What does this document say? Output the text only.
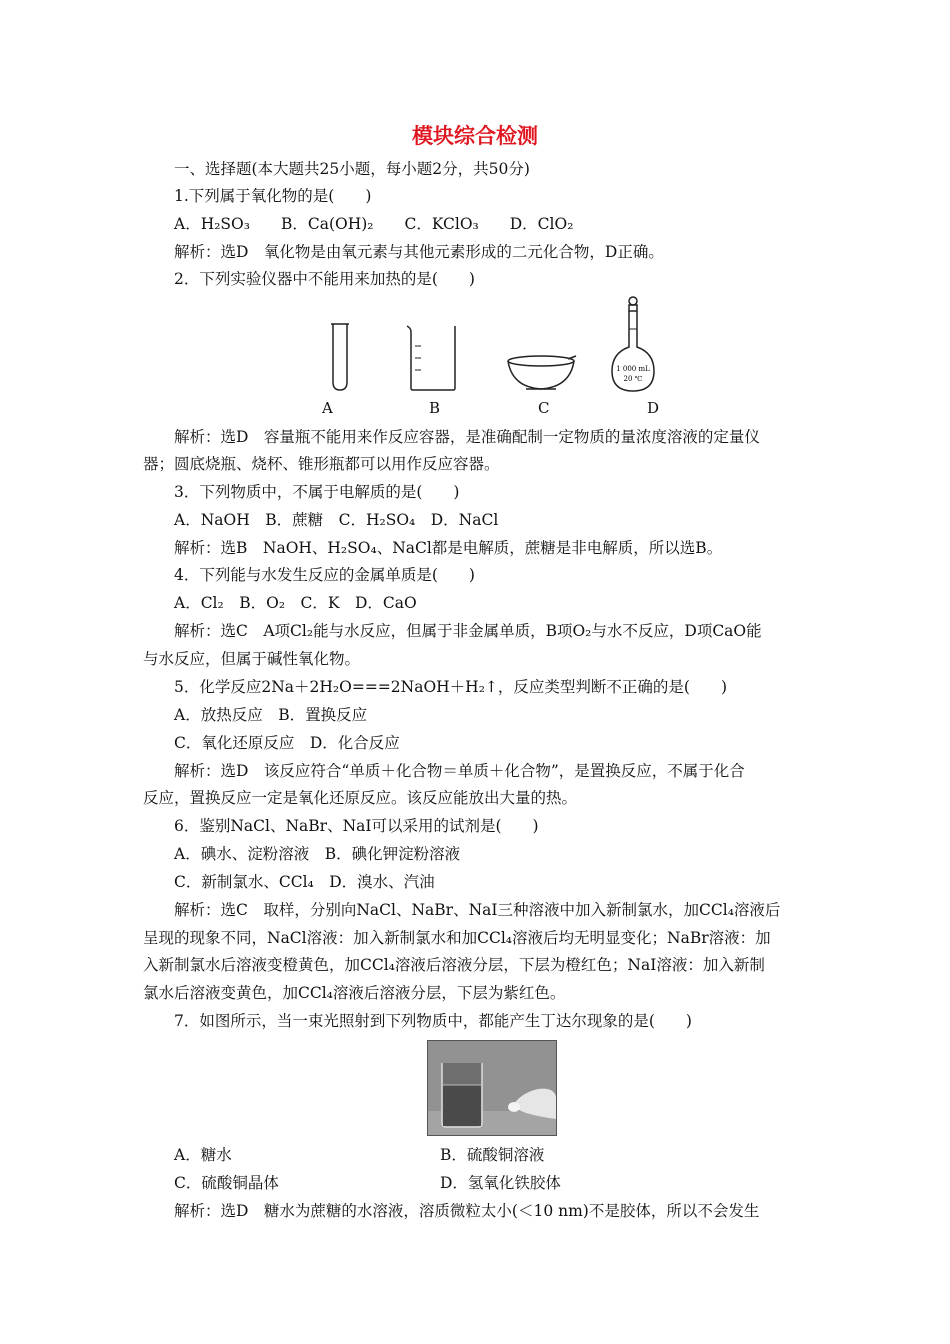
模块综合检测
一、选择题(本大题共25小题，每小题2分，共50分)
1.下列属于氧化物的是(　　)
A．H₂SO₃　　B．Ca(OH)₂　　C．KClO₃　　D．ClO₂
解析：选D　氧化物是由氧元素与其他元素形成的二元化合物，D正确。
2．下列实验仪器中不能用来加热的是(　　)
1 000 mL
20 ℃
A	B	C	D
解析：选D　容量瓶不能用来作反应容器，是准确配制一定物质的量浓度溶液的定量仪
器；圆底烧瓶、烧杯、锥形瓶都可以用作反应容器。
3．下列物质中，不属于电解质的是(　　)
A．NaOH　B．蔗糖　C．H₂SO₄　D．NaCl
解析：选B　NaOH、H₂SO₄、NaCl都是电解质，蔗糖是非电解质，所以选B。
4．下列能与水发生反应的金属单质是(　　)
A．Cl₂　B．O₂　C．K　D．CaO
解析：选C　A项Cl₂能与水反应，但属于非金属单质，B项O₂与水不反应，D项CaO能
与水反应，但属于碱性氧化物。
5．化学反应2Na＋2H₂O===2NaOH＋H₂↑，反应类型判断不正确的是(　　)
A．放热反应　B．置换反应
C．氧化还原反应　D．化合反应
解析：选D　该反应符合“单质＋化合物＝单质＋化合物”，是置换反应，不属于化合
反应，置换反应一定是氧化还原反应。该反应能放出大量的热。
6．鉴别NaCl、NaBr、NaI可以采用的试剂是(　　)
A．碘水、淀粉溶液　B．碘化钾淀粉溶液
C．新制氯水、CCl₄　D．溴水、汽油
解析：选C　取样，分别向NaCl、NaBr、NaI三种溶液中加入新制氯水，加CCl₄溶液后
呈现的现象不同，NaCl溶液：加入新制氯水和加CCl₄溶液后均无明显变化；NaBr溶液：加
入新制氯水后溶液变橙黄色，加CCl₄溶液后溶液分层，下层为橙红色；NaI溶液：加入新制
氯水后溶液变黄色，加CCl₄溶液后溶液分层，下层为紫红色。
7．如图所示，当一束光照射到下列物质中，都能产生丁达尔现象的是(　　)
A．糖水	B．硫酸铜溶液
C．硫酸铜晶体	D．氢氧化铁胶体
解析：选D　糖水为蔗糖的水溶液，溶质微粒太小(＜10 nm)不是胶体，所以不会发生
